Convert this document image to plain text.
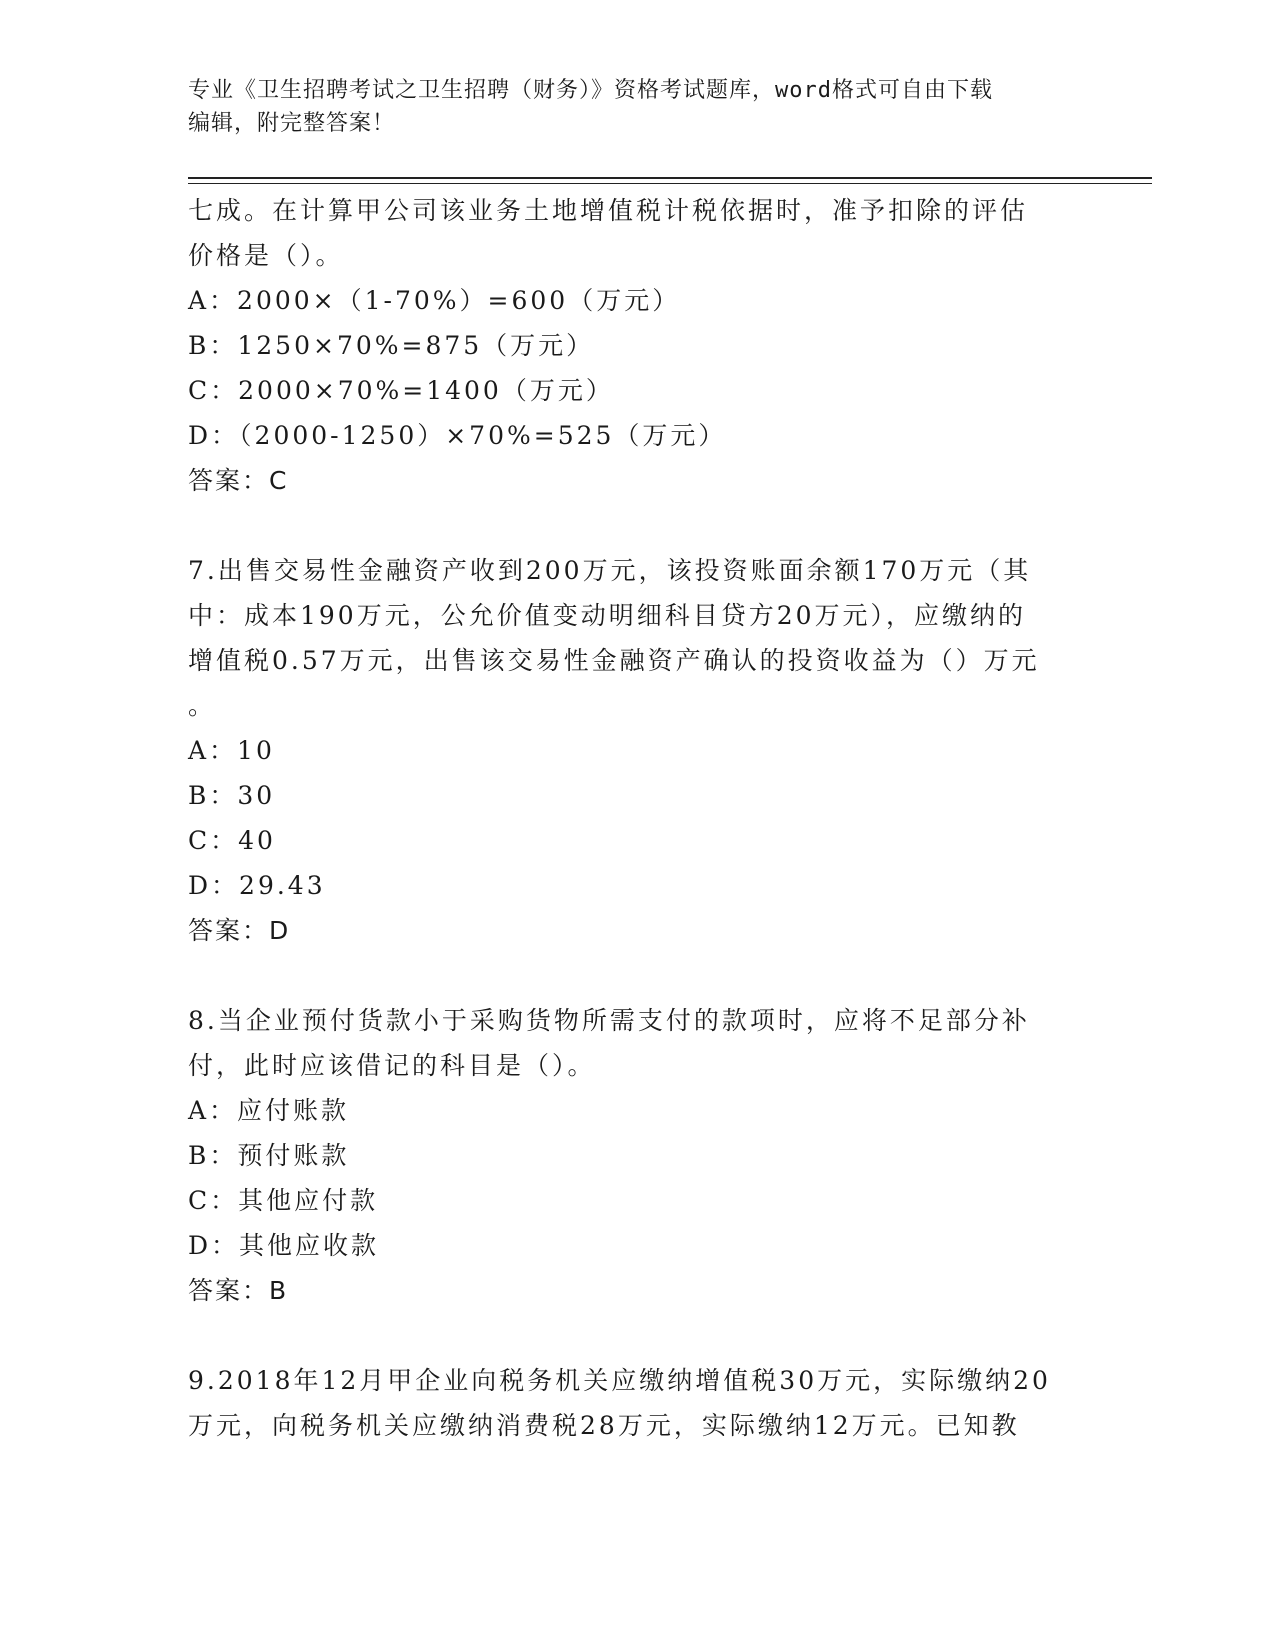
专业《卫生招聘考试之卫生招聘（财务）》资格考试题库，word格式可自由下载
编辑，附完整答案！
七成。在计算甲公司该业务土地增值税计税依据时，准予扣除的评估
价格是（）。
A：2000×（1-70%）=600（万元）
B：1250×70%=875（万元）
C：2000×70%=1400（万元）
D：（2000-1250）×70%=525（万元）
答案：C
7.出售交易性金融资产收到200万元，该投资账面余额170万元（其
中：成本190万元，公允价值变动明细科目贷方20万元），应缴纳的
增值税0.57万元，出售该交易性金融资产确认的投资收益为（）万元
。
A：10
B：30
C：40
D：29.43
答案：D
8.当企业预付货款小于采购货物所需支付的款项时，应将不足部分补
付，此时应该借记的科目是（）。
A：应付账款
B：预付账款
C：其他应付款
D：其他应收款
答案：B
9.2018年12月甲企业向税务机关应缴纳增值税30万元，实际缴纳20
万元，向税务机关应缴纳消费税28万元，实际缴纳12万元。已知教
